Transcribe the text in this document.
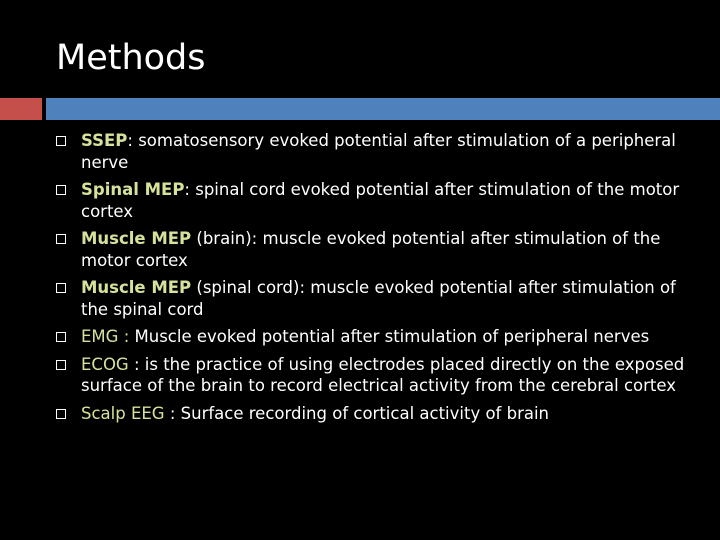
Methods
SSEP: somatosensory evoked potential after stimulation of a peripheral nerve
Spinal MEP: spinal cord evoked potential after stimulation of the motor cortex
Muscle MEP (brain): muscle evoked potential after stimulation of the motor cortex
Muscle MEP (spinal cord): muscle evoked potential after stimulation of the spinal cord
EMG : Muscle evoked potential after stimulation of peripheral nerves
ECOG : is the practice of using electrodes placed directly on the exposed surface of the brain to record electrical activity from the cerebral cortex
Scalp EEG : Surface recording of cortical activity of brain
